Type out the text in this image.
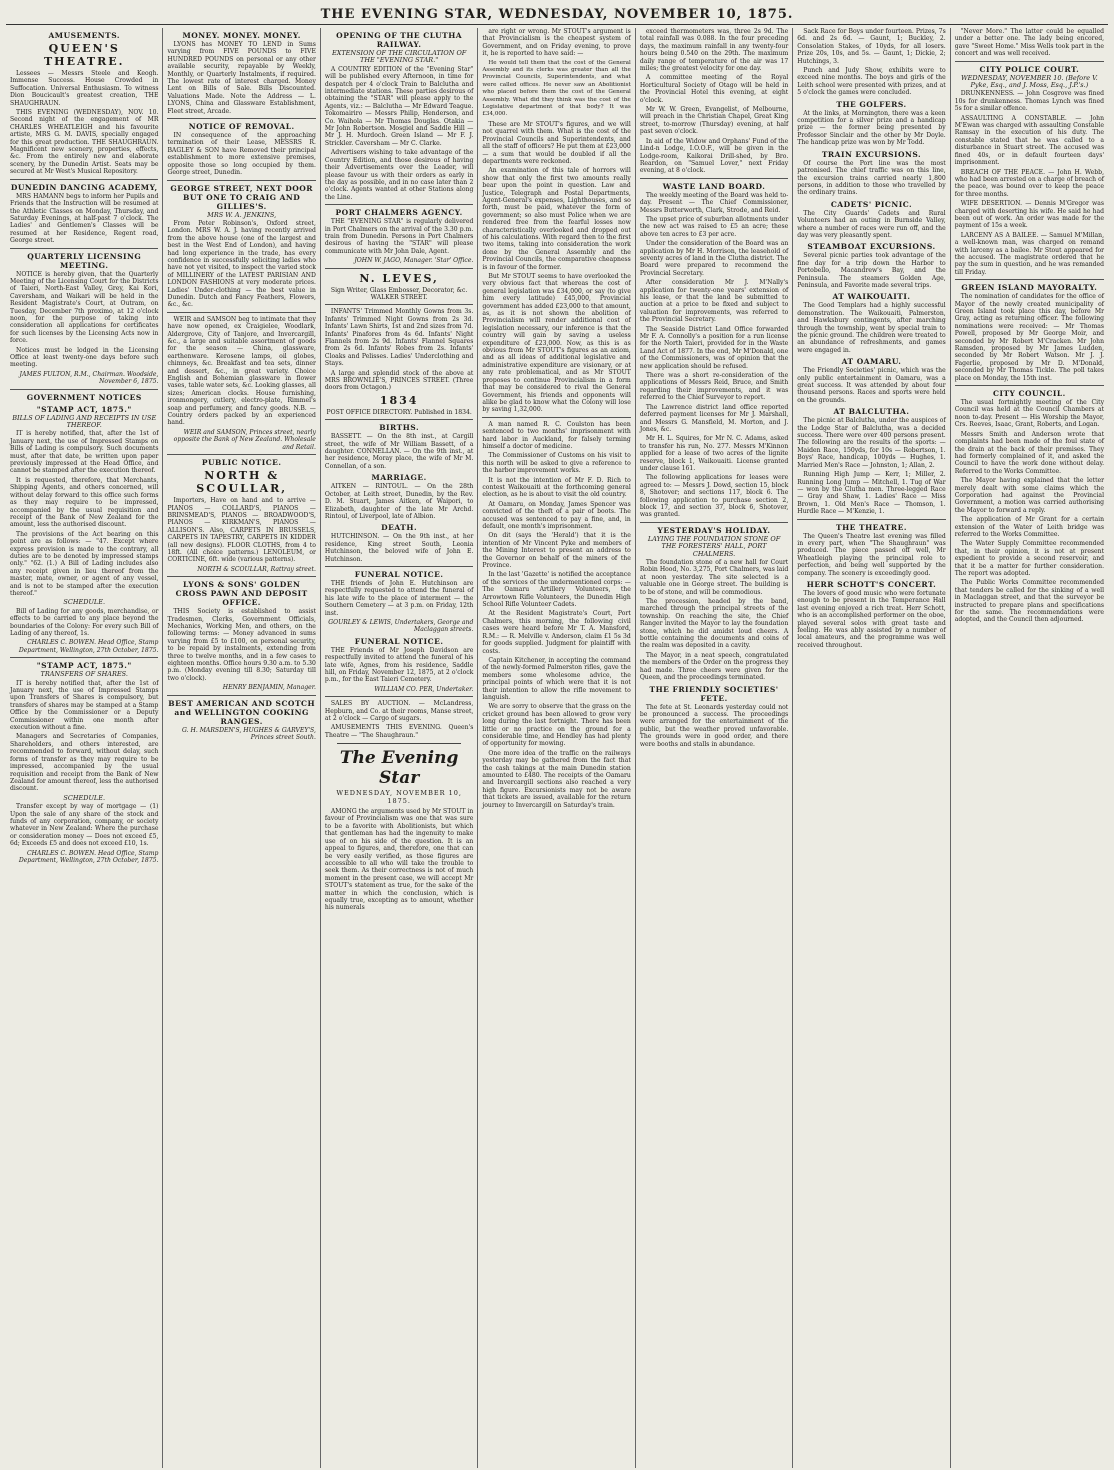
THE EVENING STAR, WEDNESDAY, NOVEMBER 10, 1875.
AMUSEMENTS.
QUEEN'S THEATRE.

Lessees — Messrs Steele and Keogh. Immense Success. House Crowded in Suffocation. Universal Enthusiasm. To witness Dion Boucicault's greatest creation, THE SHAUGHRAUN.

THIS EVENING (WEDNESDAY), NOV. 10. Second night of the engagement of MR CHARLES WHEATLEIGH and his favourite artiste, MRS G. M. DAVIS, specially engaged for this great production. THE SHAUGHRAUN. Magnificent new scenery, properties, effects, &c. From the entirely new and elaborate scenery, by the Dunedin Artist. Seats may be secured at Mr West's Musical Repository.

DUNEDIN DANCING ACADEMY,

MRS HAMANN begs to inform her Pupils and Friends that the Instruction will be resumed at the Athletic Classes on Monday, Thursday, and Saturday Evenings, at half-past 7 o'clock. The Ladies' and Gentlemen's Classes will be resumed at her Residence, Regent road, George street.

QUARTERLY LICENSING MEETING.

NOTICE is hereby given, that the Quarterly Meeting of the Licensing Court for the Districts of Taieri, North-East Valley, Grey, Kai Kori, Caversham, and Waikari will be held in the Resident Magistrate's Court, at Outram, on Tuesday, December 7th proximo, at 12 o'clock noon, for the purpose of taking into consideration all applications for certificates for such licenses by the Licensing Acts now in force.

Notices must be lodged in the Licensing Office at least twenty-one days before such meeting.

JAMES FULTON, R.M., Chairman. Woodside, November 6, 1875.

GOVERNMENT NOTICES
"STAMP ACT, 1875."
BILLS OF LADING AND RECEIPTS IN USE THEREOF.

IT is hereby notified, that, after the 1st of January next, the use of Impressed Stamps on Bills of Lading is compulsory. Such documents must, after that date, be written upon paper previously impressed at the Head Office, and cannot be stamped after the execution thereof.

It is requested, therefore, that Merchants, Shipping Agents, and others concerned, will without delay forward to this office such forms as they may require to be impressed, accompanied by the usual requisition and receipt of the Bank of New Zealand for the amount, less the authorised discount.

The provisions of the Act bearing on this point are as follows: — "47. Except where express provision is made to the contrary, all duties are to be denoted by impressed stamps only." "62. (1.) A Bill of Lading includes also any receipt given in lieu thereof from the master, mate, owner, or agent of any vessel, and is not to be stamped after the execution thereof."

SCHEDULE.

Bill of Lading for any goods, merchandise, or effects to be carried to any place beyond the boundaries of the Colony: For every such Bill of Lading of any thereof, 1s.

CHARLES C. BOWEN. Head Office, Stamp Department, Wellington, 27th October, 1875.

"STAMP ACT, 1875."
TRANSFERS OF SHARES.

IT is hereby notified that, after the 1st of January next, the use of Impressed Stamps upon Transfers of Shares is compulsory, but transfers of shares may be stamped at a Stamp Office by the Commissioner or a Deputy Commissioner within one month after execution without a fine.

Managers and Secretaries of Companies, Shareholders, and others interested, are recommended to forward, without delay, such forms of transfer as they may require to be impressed, accompanied by the usual requisition and receipt from the Bank of New Zealand for amount thereof, less the authorised discount.

SCHEDULE.

Transfer except by way of mortgage — (1) Upon the sale of any share of the stock and funds of any corporation, company, or society whatever in New Zealand: Where the purchase or consideration money — Does not exceed £5, 6d; Exceeds £5 and does not exceed £10, 1s.

CHARLES C. BOWEN. Head Office, Stamp Department, Wellington, 27th October, 1875.

MONEY. MONEY. MONEY.

LYONS has MONEY TO LEND in Sums varying from FIVE POUNDS to FIVE HUNDRED POUNDS on personal or any other available security, repayable by Weekly, Monthly, or Quarterly Instalments, if required. The lowest rate of interest charged. Money Lent on Bills of Sale. Bills Discounted. Valuations Made. Note the Address — L. LYONS, China and Glassware Establishment, Fleet street, Arcade.

NOTICE OF REMOVAL.

IN consequence of the approaching termination of their Lease, MESSRS R. BAGLEY & SON have Removed their principal establishment to more extensive premises, opposite those so long occupied by them. George street, Dunedin.

GEORGE STREET, NEXT DOOR BUT ONE TO CRAIG AND GILLIES'S.
MRS W. A. JENKINS,

From Peter Robinson's, Oxford street, London. MRS W. A. J. having recently arrived from the above house (one of the largest and best in the West End of London), and having had long experience in the trade, has every confidence in successfully soliciting ladies who have not yet visited, to inspect the varied stock of MILLINERY of the LATEST PARISIAN AND LONDON FASHIONS at very moderate prices. Ladies' Under-clothing — the best value in Dunedin. Dutch and Fancy Feathers, Flowers, &c., &c.

WEIR and SAMSON beg to intimate that they have now opened, ex Craigielee, Woodlark, Aldergrove, City of Tanjore, and Invercargill, &c., a large and suitable assortment of goods for the season — China, glassware, earthenware. Kerosene lamps, oil globes, chimneys, &c. Breakfast and tea sets, dinner and dessert, &c., in great variety. Choice English and Bohemian glassware in flower vases, table water sets, &c. Looking glasses, all sizes; American clocks. House furnishing, ironmongery, cutlery, electro-plate, Rimmel's soap and perfumery, and fancy goods. N.B. — Country orders packed by an experienced hand.

WEIR and SAMSON, Princes street, nearly opposite the Bank of New Zealand. Wholesale and Retail.

PUBLIC NOTICE.
NORTH & SCOULLAR,

Importers, Have on hand and to arrive — PIANOS — COLLARD'S, PIANOS — BRINSMEAD'S, PIANOS — BROADWOOD'S, PIANOS — KIRKMAN'S, PIANOS — ALLISON'S. Also, CARPETS IN BRUSSELS, CARPETS IN TAPESTRY, CARPETS IN KIDDER (all new designs). FLOOR CLOTHS, from 4 to 18ft. (All choice patterns.) LENOLEUM, or CORTICINE, 6ft. wide (various patterns).

NORTH & SCOULLAR, Rattray street.

LYONS & SONS' GOLDEN CROSS PAWN AND DEPOSIT OFFICE.

THIS Society is established to assist Tradesmen, Clerks, Government Officials, Mechanics, Working Men, and others, on the following terms: — Money advanced in sums varying from £5 to £100, on personal security, to be repaid by instalments, extending from three to twelve months, and in a few cases to eighteen months. Office hours 9.30 a.m. to 5.30 p.m. (Monday evening till 8.30; Saturday till two o'clock).

HENRY BENJAMIN, Manager.

BEST AMERICAN AND SCOTCH and WELLINGTON COOKING RANGES.

G. H. MARSDEN'S, HUGHES & GARVEY'S, Princes street South.

OPENING OF THE CLUTHA RAILWAY.
EXTENSION OF THE CIRCULATION OF THE "EVENING STAR."

A COUNTRY EDITION of the "Evening Star" will be published every Afternoon, in time for despatch per 4 o'clock Train to Balclutha and intermediate stations. These parties desirous of obtaining the "STAR" will please apply to the Agents, viz.: — Balclutha — Mr Edward Teague. Tokomairiro — Messrs Philip, Henderson, and Co. Waihola — Mr Thomas Douglas. Otakia — Mr John Robertson. Mosgiel and Saddle Hill — Mr J. H. Murdoch. Green Island — Mr F. J. Strickler. Caversham — Mr C. Clarke.

Advertisers wishing to take advantage of the Country Edition, and those desirous of having their Advertisements over the Leader, will please favour us with their orders as early in the day as possible, and in no case later than 2 o'clock. Agents wanted at other Stations along the Line.

PORT CHALMERS AGENCY.

THE "EVENING STAR" is regularly delivered in Port Chalmers on the arrival of the 3.30 p.m. train from Dunedin. Persons in Port Chalmers desirous of having the "STAR" will please communicate with Mr John Dale, Agent.

JOHN W. JAGO, Manager. 'Star' Office.

N. LEVES,

Sign Writer, Glass Embosser, Decorator, &c. WALKER STREET.

INFANTS' Trimmed Monthly Gowns from 3s. Infants' Trimmed Night Gowns from 2s 3d. Infants' Lawn Shirts, 1st and 2nd sizes from 7d. Infants' Pinafores from 4s 6d. Infants' Night Flannels from 2s 9d. Infants' Flannel Squares from 2s 6d. Infants' Robes from 2s. Infants' Cloaks and Pelisses. Ladies' Underclothing and Stays.

A large and splendid stock of the above at MRS BROWNLIE'S, PRINCES STREET. (Three doors from Octagon.)

1834

POST OFFICE DIRECTORY. Published in 1834.

BIRTHS.

BASSETT. — On the 8th inst., at Cargill street, the wife of Mr William Bassett, of a daughter. CONNELLAN. — On the 9th inst., at her residence, Moray place, the wife of Mr M. Connellan, of a son.

MARRIAGE.

AITKEN — RINTOUL. — On the 28th October, at Leith street, Dunedin, by the Rev. D. M. Stuart, James Aitken, of Waipori, to Elizabeth, daughter of the late Mr Archd. Rintoul, of Liverpool, late of Albion.

DEATH.

HUTCHINSON. — On the 9th inst., at her residence, King street South, Leonia Hutchinson, the beloved wife of John E. Hutchinson.

FUNERAL NOTICE.

THE friends of John E. Hutchinson are respectfully requested to attend the funeral of his late wife to the place of interment — the Southern Cemetery — at 3 p.m. on Friday, 12th inst.

GOURLEY & LEWIS, Undertakers, George and Maclaggan streets.

FUNERAL NOTICE.

THE Friends of Mr Joseph Davidson are respectfully invited to attend the funeral of his late wife, Agnes, from his residence, Saddle hill, on Friday, November 12, 1875, at 2 o'clock p.m., for the East Taieri Cemetery.

WILLIAM CO. PER, Undertaker.

SALES BY AUCTION. — McLandress, Hepburn, and Co. at their rooms, Manse street, at 2 o'clock — Cargo of sugars.

AMUSEMENTS THIS EVENING. Queen's Theatre — "The Shaughraun."

The Evening Star
WEDNESDAY, NOVEMBER 10, 1875.

AMONG the arguments used by Mr STOUT in favour of Provincialism was one that was sure to be a favorite with Abolitionists, but which that gentleman has had the ingenuity to make use of on his side of the question. It is an appeal to figures, and, therefore, one that can be very easily verified, as those figures are accessible to all who will take the trouble to seek them. As their correctness is not of much moment in the present case, we will accept Mr STOUT's statement as true, for the sake of the matter in which the conclusion, which is equally true, excepting as to amount, whether his numerals

are right or wrong. Mr STOUT's argument is that Provincialism is the cheapest system of Government, and on Friday evening, to prove it, he is reported to have said: —

He would tell them that the cost of the General Assembly and its clerks was greater than all the Provincial Councils, Superintendents, and what were called offices. He never saw an Abolitionist who placed before them the cost of the General Assembly. What did they think was the cost of the Legislative department of that body? It was £34,000.

These are Mr STOUT's figures, and we will not quarrel with them. What is the cost of the Provincial Councils and Superintendents, and all the staff of officers? He put them at £23,000 — a sum that would be doubled if all the departments were reckoned.

An examination of this tale of horrors will show that only the first two amounts really bear upon the point in question. Law and Justice, Telegraph and Postal Departments, Agent-General's expenses, Lighthouses, and so forth, must be paid, whatever the form of government; so also must Police when we are rendered free from the fearful losses now characteristically overlooked and dropped out of his calculations. With regard then to the first two items, taking into consideration the work done by the General Assembly and the Provincial Councils, the comparative cheapness is in favour of the former.

But Mr STOUT seems to have overlooked the very obvious fact that whereas the cost of general legislation was £34,000, or say (to give him every latitude) £45,000, Provincial government has added £23,000 to that amount, as, as it is not shown the abolition of Provincialism will render additional cost of legislation necessary, our inference is that the country will gain by saving a useless expenditure of £23,000. Now, as this is as obvious from Mr STOUT's figures as an axiom, and as all ideas of additional legislative and administrative expenditure are visionary, or at any rate problematical, and as Mr STOUT proposes to continue Provincialism in a form that may be considered to rival the General Government, his friends and opponents will alike be glad to know what the Colony will lose by saving 1,32,000.

A man named R. C. Coulston has been sentenced to two months' imprisonment with hard labor in Auckland, for falsely terming himself a doctor of medicine.

The Commissioner of Customs on his visit to this north will be asked to give a reference to the harbor improvement works.

It is not the intention of Mr F. D. Rich to contest Waikouaiti at the forthcoming general election, as he is about to visit the old country.

At Oamaru, on Monday, James Spencer was convicted of the theft of a pair of boots. The accused was sentenced to pay a fine, and, in default, one month's imprisonment.

On dit (says the 'Herald') that it is the intention of Mr Vincent Pyke and members of the Mining Interest to present an address to the Governor on behalf of the miners of the Province.

In the last 'Gazette' is notified the acceptance of the services of the undermentioned corps: — The Oamaru Artillery Volunteers, the Arrowtown Rifle Volunteers, the Dunedin High School Rifle Volunteer Cadets.

At the Resident Magistrate's Court, Port Chalmers, this morning, the following civil cases were heard before Mr T. A. Mansford, R.M.: — R. Melville v. Anderson, claim £1 5s 3d for goods supplied. Judgment for plaintiff with costs.

Captain Kitchener, in accepting the command of the newly-formed Palmerston rifles, gave the members some wholesome advice, the principal points of which were that it is not their intention to allow the rifle movement to languish.

We are sorry to observe that the grass on the cricket ground has been allowed to grow very long during the last fortnight. There has been little or no practice on the ground for a considerable time, and Hendley has had plenty of opportunity for mowing.

One more idea of the traffic on the railways yesterday may be gathered from the fact that the cash takings at the main Dunedin station amounted to £480. The receipts of the Oamaru and Invercargill sections also reached a very high figure. Excursionists may not be aware that tickets are issued, available for the return journey to Invercargill on Saturday's train.

exceed thermometers was, three 2s 9d. The total rainfall was 0.088. In the four preceding days, the maximum rainfall in any twenty-four hours being 0.540 on the 29th. The maximum daily range of temperature of the air was 17 miles; the greatest velocity for one day.

A committee meeting of the Royal Horticultural Society of Otago will be held in the Provincial Hotel this evening, at eight o'clock.

Mr W. W. Green, Evangelist, of Melbourne, will preach in the Christian Chapel, Great King street, to-morrow (Thursday) evening, at half past seven o'clock.

In aid of the Widow and Orphans' Fund of the Lind-n Lodge, I.O.O.F., will be given in the Lodge-room, Kaikorai Drill-shed, by Bro. Reardon, on "Samuel Lover," next Friday evening, at 8 o'clock.

WASTE LAND BOARD.

The weekly meeting of the Board was held to-day. Present — The Chief Commissioner, Messrs Butterworth, Clark, Strode, and Reid.

The upset price of suburban allotments under the new act was raised to £5 an acre; these above ten acres to £3 per acre.

Under the consideration of the Board was an application by Mr H. Morrison, the leasehold of seventy acres of land in the Clutha district. The Board were prepared to recommend the Provincial Secretary.

After consideration Mr J. M'Nally's application for twenty-one years' extension of his lease, or that the land be submitted to auction at a price to be fixed and subject to valuation for improvements, was referred to the Provincial Secretary.

The Seaside District Land Office forwarded Mr F. A. Connolly's a position for a run license for the North Taieri, provided for in the Waste Land Act of 1877. In the end, Mr M'Donald, one of the Commissioners, was of opinion that the new application should be refused.

There was a short re-consideration of the applications of Messrs Reid, Bruce, and Smith regarding their improvements, and it was referred to the Chief Surveyor to report.

The Lawrence district land office reported deferred payment licenses for Mr J. Marshall, and Messrs G. Mansfield, M. Morton, and J. Jones, &c.

Mr H. L. Squires, for Mr N. C. Adams, asked to transfer his run, No. 277. Messrs M'Kinnon applied for a lease of two acres of the lignite reserve, block 1, Waikouaiti. License granted under clause 161.

The following applications for leases were agreed to: — Messrs J. Dowd, section 15, block 8, Shotover; and sections 117, block 6. The following application to purchase section 2, block 17, and section 37, block 6, Shotover, was granted.

YESTERDAY'S HOLIDAY.
LAYING THE FOUNDATION STONE OF THE FORESTERS' HALL, PORT CHALMERS.

The foundation stone of a new hall for Court Robin Hood, No. 3,275, Port Chalmers, was laid at noon yesterday. The site selected is a valuable one in George street. The building is to be of stone, and will be commodious.

The procession, headed by the band, marched through the principal streets of the township. On reaching the site, the Chief Ranger invited the Mayor to lay the foundation stone, which he did amidst loud cheers. A bottle containing the documents and coins of the realm was deposited in a cavity.

The Mayor, in a neat speech, congratulated the members of the Order on the progress they had made. Three cheers were given for the Queen, and the proceedings terminated.

THE FRIENDLY SOCIETIES' FETE.

The fete at St. Leonards yesterday could not be pronounced a success. The proceedings were arranged for the entertainment of the public, but the weather proved unfavorable. The grounds were in good order, and there were booths and stalls in abundance.

Sack Race for Boys under fourteen. Prizes, 7s 6d. and 2s 6d. — Gaunt, 1; Buckley, 2. Consolation Stakes, of 10yds, for all losers. Prize 20s, 10s, and 5s. — Gaunt, 1; Dickie, 2; Hutchings, 3.

Punch and Judy Show, exhibits were to exceed nine months. The boys and girls of the Leith school were presented with prizes, and at 5 o'clock the games were concluded.

THE GOLFERS.

At the links, at Mornington, there was a keen competition for a silver prize and a handicap prize — the former being presented by Professor Sinclair and the other by Mr Doyle. The handicap prize was won by Mr Todd.

TRAIN EXCURSIONS.

Of course the Port line was the most patronised. The chief traffic was on this line, the excursion trains carried nearly 1,800 persons, in addition to those who travelled by the ordinary trains.

CADETS' PICNIC.

The City Guards' Cadets and Rural Volunteers had an outing in Burnside Valley, where a number of races were run off, and the day was very pleasantly spent.

STEAMBOAT EXCURSIONS.

Several picnic parties took advantage of the fine day for a trip down the Harbor to Portobello, Macandrew's Bay, and the Peninsula. The steamers Golden Age, Peninsula, and Favorite made several trips.

AT WAIKOUAITI.

The Good Templars had a highly successful demonstration. The Waikouaiti, Palmerston, and Hawksbury contingents, after marching through the township, went by special train to the picnic ground. The children were treated to an abundance of refreshments, and games were engaged in.

AT OAMARU.

The Friendly Societies' picnic, which was the only public entertainment in Oamaru, was a great success. It was attended by about four thousand persons. Races and sports were held on the grounds.

AT BALCLUTHA.

The picnic at Balclutha, under the auspices of the Lodge Star of Balclutha, was a decided success. There were over 400 persons present. The following are the results of the sports: — Maiden Race, 150yds, for 10s — Robertson, 1. Boys' Race, handicap, 100yds — Hughes, 1. Married Men's Race — Johnston, 1; Allan, 2.

Running High Jump — Kerr, 1; Miller, 2. Running Long Jump — Mitchell, 1. Tug of War — won by the Clutha men. Three-legged Race — Gray and Shaw, 1. Ladies' Race — Miss Brown, 1. Old Men's Race — Thomson, 1. Hurdle Race — M'Kenzie, 1.

THE THEATRE.

The Queen's Theatre last evening was filled in every part, when "The Shaughraun" was produced. The piece passed off well, Mr Wheatleigh playing the principal role to perfection, and being well supported by the company. The scenery is exceedingly good.

HERR SCHOTT'S CONCERT.

The lovers of good music who were fortunate enough to be present in the Temperance Hall last evening enjoyed a rich treat. Herr Schott, who is an accomplished performer on the oboe, played several solos with great taste and feeling. He was ably assisted by a number of local amateurs, and the programme was well received throughout.

"Never More." The latter could be equalled under a better one. The lady being encored, gave "Sweet Home." Miss Wells took part in the concert and was well received.

CITY POLICE COURT.
WEDNESDAY, NOVEMBER 10. (Before V. Pyke, Esq., and J. Moss, Esq., J.P.'s.)

DRUNKENNESS. — John Cosgrove was fined 10s for drunkenness. Thomas Lynch was fined 5s for a similar offence.

ASSAULTING A CONSTABLE. — John M'Ewan was charged with assaulting Constable Ramsay in the execution of his duty. The constable stated that he was called to a disturbance in Stuart street. The accused was fined 40s, or in default fourteen days' imprisonment.

BREACH OF THE PEACE. — John H. Webb, who had been arrested on a charge of breach of the peace, was bound over to keep the peace for three months.

WIFE DESERTION. — Dennis M'Gregor was charged with deserting his wife. He said he had been out of work. An order was made for the payment of 15s a week.

LARCENY AS A BAILEE. — Samuel M'Millan, a well-known man, was charged on remand with larceny as a bailee. Mr Stout appeared for the accused. The magistrate ordered that he pay the sum in question, and he was remanded till Friday.

GREEN ISLAND MAYORALTY.

The nomination of candidates for the office of Mayor of the newly created municipality of Green Island took place this day, before Mr Gray, acting as returning officer. The following nominations were received: — Mr Thomas Powell, proposed by Mr George Moir, and seconded by Mr Robert M'Cracken. Mr John Ramsden, proposed by Mr James Ludden, seconded by Mr Robert Watson. Mr J. J. Fagerlie, proposed by Mr D. M'Donald, seconded by Mr Thomas Tickle. The poll takes place on Monday, the 15th inst.

CITY COUNCIL.

The usual fortnightly meeting of the City Council was held at the Council Chambers at noon to-day. Present — His Worship the Mayor, Crs. Reeves, Isaac, Grant, Roberts, and Logan.

Messrs Smith and Anderson wrote that complaints had been made of the foul state of the drain at the back of their premises. They had formerly complained of it, and asked the Council to have the work done without delay. Referred to the Works Committee.

The Mayor having explained that the letter merely dealt with some claims which the Corporation had against the Provincial Government, a motion was carried authorising the Mayor to forward a reply.

The application of Mr Grant for a certain extension of the Water of Leith bridge was referred to the Works Committee.

The Water Supply Committee recommended that, in their opinion, it is not at present expedient to provide a second reservoir, and that it be a matter for further consideration. The report was adopted.

The Public Works Committee recommended that tenders be called for the sinking of a well in Maclaggan street, and that the surveyor be instructed to prepare plans and specifications for the same. The recommendations were adopted, and the Council then adjourned.
